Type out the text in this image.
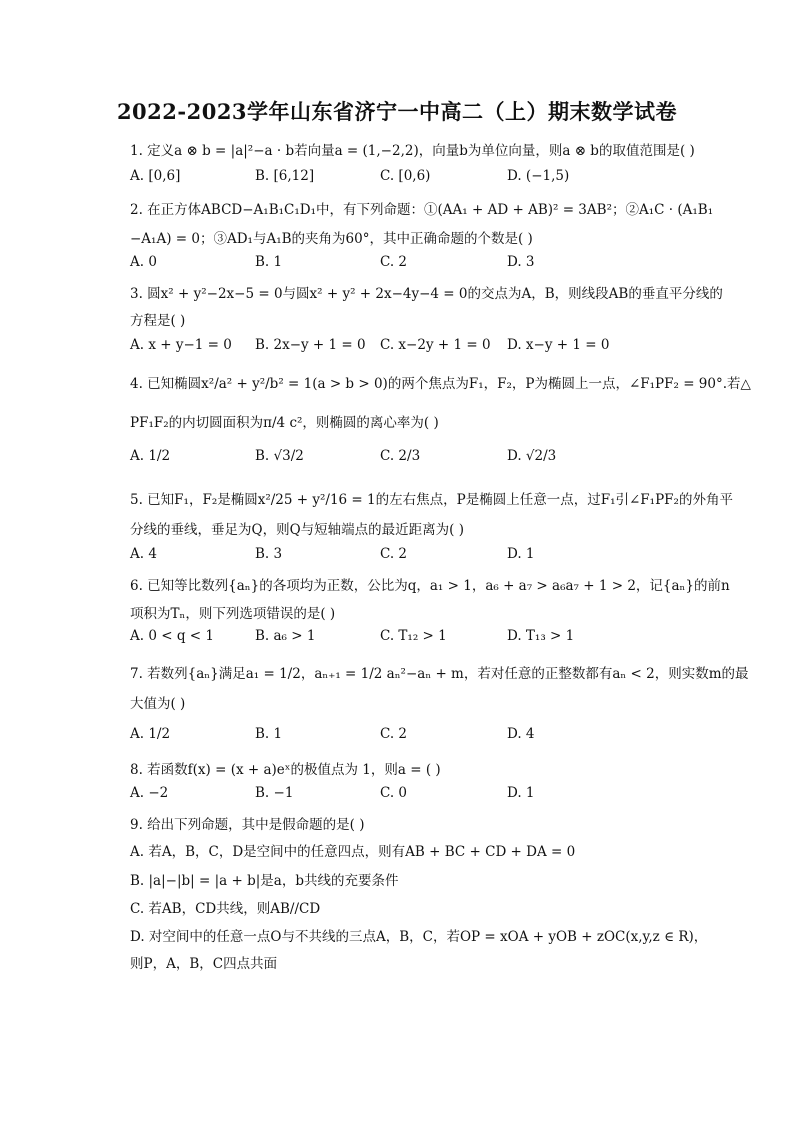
2022-2023学年山东省济宁一中高二（上）期末数学试卷
1. 定义a ⊗ b = |a|²−a · b若向量a = (1,−2,2)，向量b为单位向量，则a ⊗ b的取值范围是( )
A. [0,6]	B. [6,12]	C. [0,6)	D. (−1,5)
2. 在正方体ABCD−A₁B₁C₁D₁中，有下列命题：①(AA₁ + AD + AB)² = 3AB²；②A₁C · (A₁B₁
−A₁A) = 0；③AD₁与A₁B的夹角为60°，其中正确命题的个数是( )
A. 0	B. 1	C. 2	D. 3
3. 圆x² + y²−2x−5 = 0与圆x² + y² + 2x−4y−4 = 0的交点为A，B，则线段AB的垂直平分线的
方程是( )
A. x + y−1 = 0 B. 2x−y + 1 = 0 C. x−2y + 1 = 0 D. x−y + 1 = 0
4. 已知椭圆x²/a² + y²/b² = 1(a > b > 0)的两个焦点为F₁，F₂，P为椭圆上一点，∠F₁PF₂ = 90°.若△
PF₁F₂的内切圆面积为π/4 c²，则椭圆的离心率为( )
A. 1/2	B. √3/2	C. 2/3	D. √2/3
5. 已知F₁，F₂是椭圆x²/25 + y²/16 = 1的左右焦点，P是椭圆上任意一点，过F₁引∠F₁PF₂的外角平
分线的垂线，垂足为Q，则Q与短轴端点的最近距离为( )
A. 4	B. 3	C. 2	D. 1
6. 已知等比数列{aₙ}的各项均为正数，公比为q，a₁ > 1，a₆ + a₇ > a₆a₇ + 1 > 2，记{aₙ}的前n
项积为Tₙ，则下列选项错误的是( )
A. 0 < q < 1	B. a₆ > 1	C. T₁₂ > 1	D. T₁₃ > 1
7. 若数列{aₙ}满足a₁ = 1/2，aₙ₊₁ = 1/2 aₙ²−aₙ + m，若对任意的正整数都有aₙ < 2，则实数m的最
大值为( )
A. 1/2	B. 1	C. 2	D. 4
8. 若函数f(x) = (x + a)eˣ的极值点为 1，则a = ( )
A. −2	B. −1	C. 0	D. 1
9. 给出下列命题，其中是假命题的是( )
A. 若A，B，C，D是空间中的任意四点，则有AB + BC + CD + DA = 0
B. |a|−|b| = |a + b|是a，b共线的充要条件
C. 若AB，CD共线，则AB//CD
D. 对空间中的任意一点O与不共线的三点A，B，C，若OP = xOA + yOB + zOC(x,y,z ∈ R)，
则P，A，B，C四点共面
